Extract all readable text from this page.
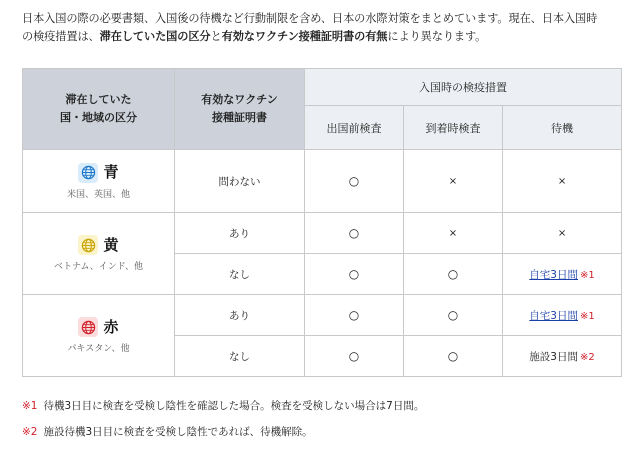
日本入国の際の必要書類、入国後の待機など行動制限を含め、日本の水際対策をまとめています。現在、日本入国時
の検疫措置は、滞在していた国の区分と有効なワクチン接種証明書の有無により異なります。
滞在していた
国・地域の区分	有効なワクチン
接種証明書	入国時の検疫措置		
		出国前検査	到着時検査	待機

青
米国、英国、他	問わない	○	×	×

黄
ベトナム、インド、他	あり	○	×	×
	なし	○	○	自宅3日間 ※1

赤
パキスタン、他	あり	○	○	自宅3日間 ※1
	なし	○	○	施設3日間 ※2
※1 待機3日目に検査を受検し陰性を確認した場合。検査を受検しない場合は7日間。
※2 施設待機3日目に検査を受検し陰性であれば、待機解除。
